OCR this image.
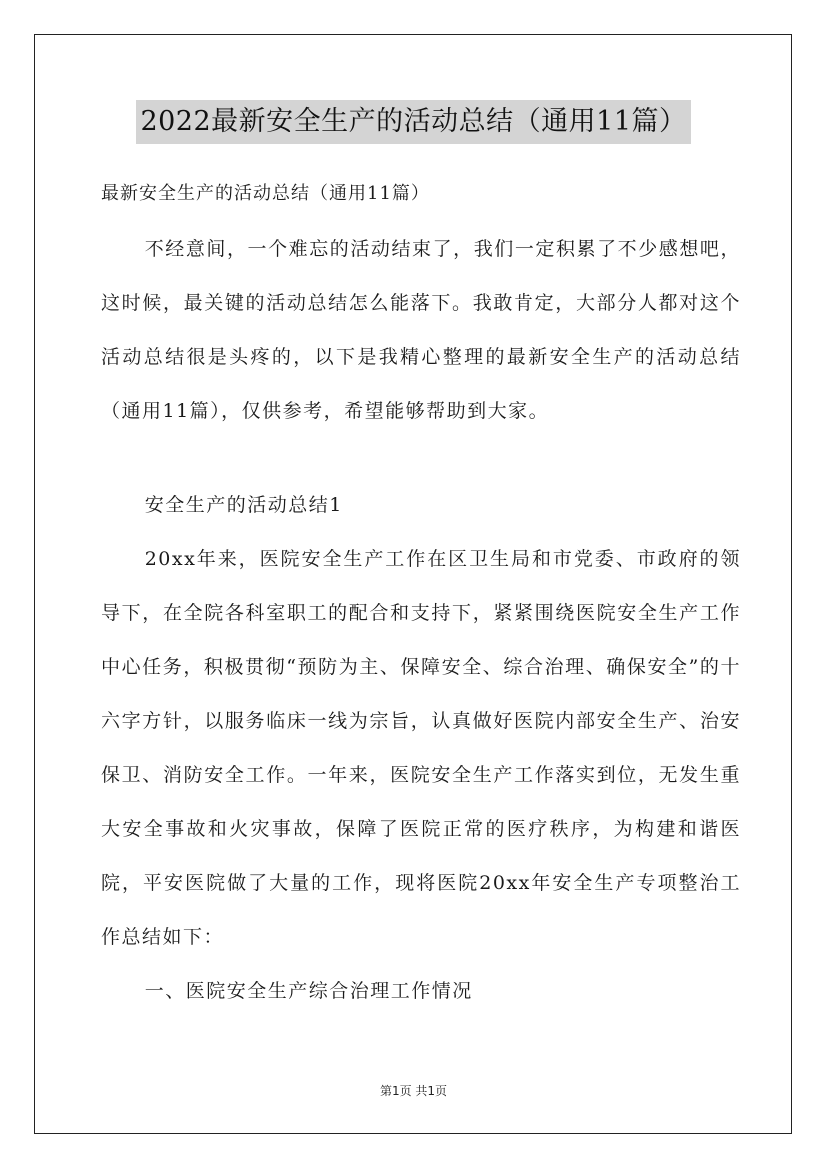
2022最新安全生产的活动总结（通用11篇）

最新安全生产的活动总结（通用11篇）

不经意间，一个难忘的活动结束了，我们一定积累了不少感想吧，这时候，最关键的活动总结怎么能落下。我敢肯定，大部分人都对这个活动总结很是头疼的，以下是我精心整理的最新安全生产的活动总结（通用11篇），仅供参考，希望能够帮助到大家。

安全生产的活动总结1

20xx年来，医院安全生产工作在区卫生局和市党委、市政府的领导下，在全院各科室职工的配合和支持下，紧紧围绕医院安全生产工作中心任务，积极贯彻“预防为主、保障安全、综合治理、确保安全”的十六字方针，以服务临床一线为宗旨，认真做好医院内部安全生产、治安保卫、消防安全工作。一年来，医院安全生产工作落实到位，无发生重大安全事故和火灾事故，保障了医院正常的医疗秩序，为构建和谐医院，平安医院做了大量的工作，现将医院20xx年安全生产专项整治工作总结如下：

一、医院安全生产综合治理工作情况

第1页 共1页
